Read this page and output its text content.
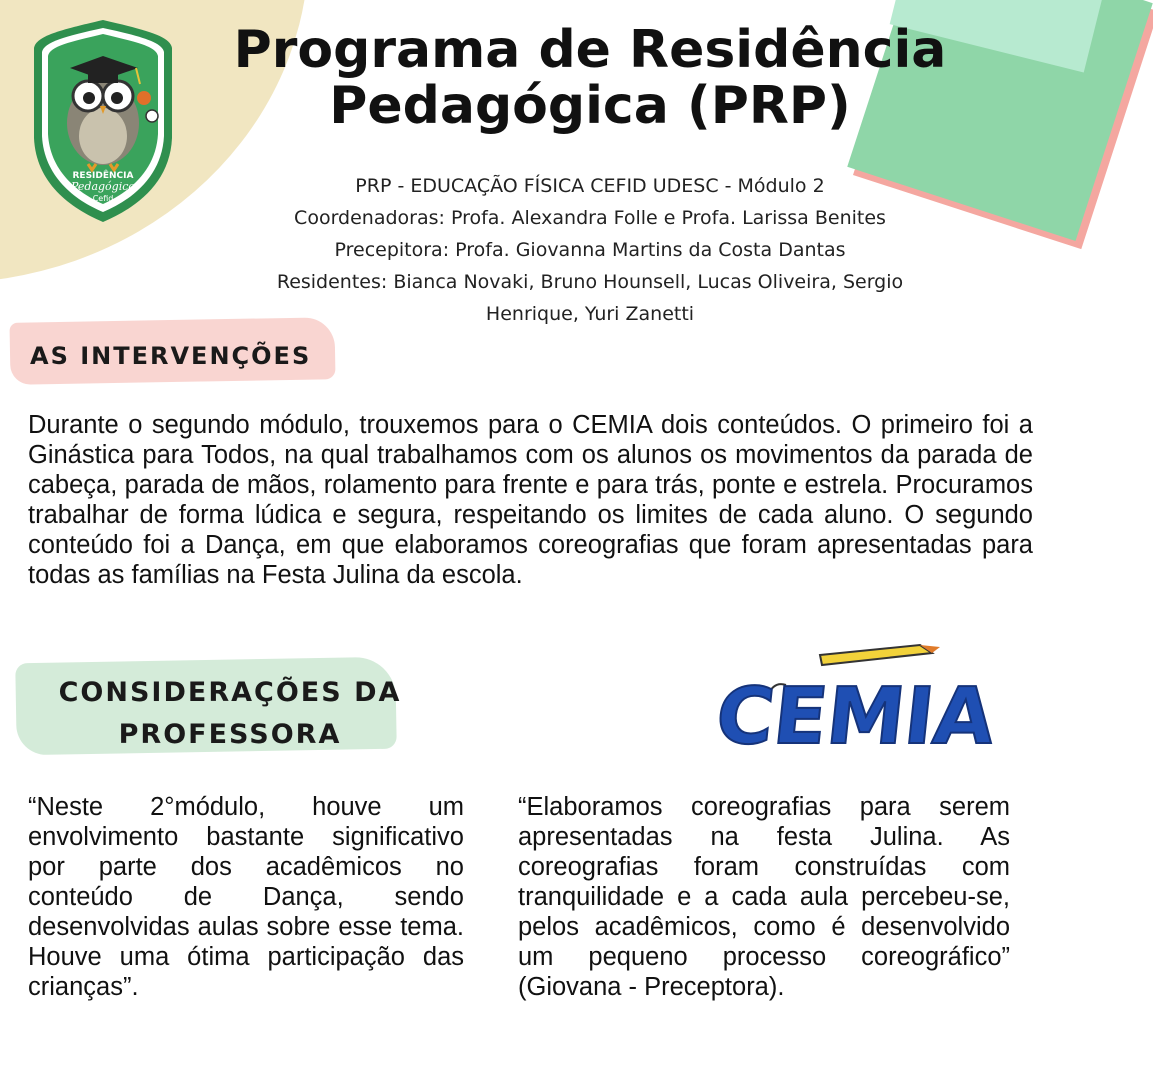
RESIDÊNCIA
Pedagógico
Cefid
Programa de Residência
Pedagógica (PRP)
PRP - EDUCAÇÃO FÍSICA CEFID UDESC - Módulo 2
Coordenadoras: Profa. Alexandra Folle e Profa. Larissa Benites
Precepitora: Profa. Giovanna Martins da Costa Dantas
Residentes: Bianca Novaki, Bruno Hounsell, Lucas Oliveira, Sergio
Henrique, Yuri Zanetti
AS INTERVENÇÕES
Durante o segundo módulo, trouxemos para o CEMIA dois conteúdos. O primeiro foi a Ginástica para Todos, na qual trabalhamos com os alunos os movimentos da parada de cabeça, parada de mãos, rolamento para frente e para trás, ponte e estrela. Procuramos trabalhar de forma lúdica e segura, respeitando os limites de cada aluno. O segundo conteúdo foi a Dança, em que elaboramos coreografias que foram apresentadas para todas as famílias na Festa Julina da escola.
CONSIDERAÇÕES DA
PROFESSORA	CEMIA
“Neste 2°módulo, houve um envolvimento bastante significativo por parte dos acadêmicos no conteúdo de Dança, sendo desenvolvidas aulas sobre esse tema. Houve uma ótima participação das crianças”.
“Elaboramos coreografias para serem apresentadas na festa Julina. As coreografias foram construídas com tranquilidade e a cada aula percebeu-se, pelos acadêmicos, como é desenvolvido um pequeno processo coreográfico” (Giovana - Preceptora).
